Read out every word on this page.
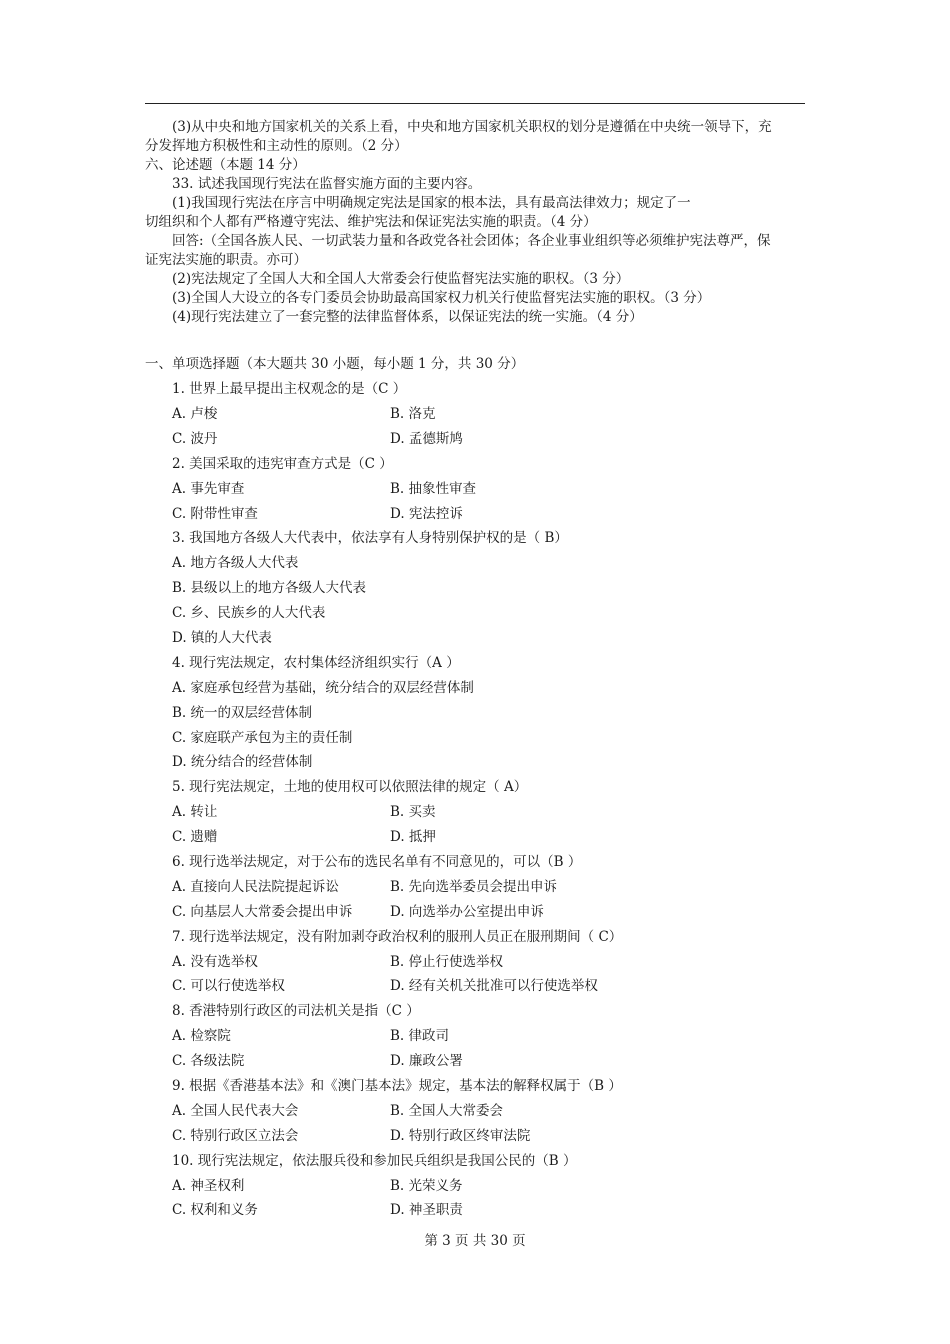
(3)从中央和地方国家机关的关系上看，中央和地方国家机关职权的划分是遵循在中央统一领导下，充
分发挥地方积极性和主动性的原则。（2 分）
六、论述题（本题 14 分）
33. 试述我国现行宪法在监督实施方面的主要内容。
(1)我国现行宪法在序言中明确规定宪法是国家的根本法，具有最高法律效力；规定了一
切组织和个人都有严格遵守宪法、维护宪法和保证宪法实施的职责。（4 分）
回答:（全国各族人民、一切武装力量和各政党各社会团体；各企业事业组织等必须维护宪法尊严，保
证宪法实施的职责。亦可）
(2)宪法规定了全国人大和全国人大常委会行使监督宪法实施的职权。（3 分）
(3)全国人大设立的各专门委员会协助最高国家权力机关行使监督宪法实施的职权。（3 分）
(4)现行宪法建立了一套完整的法律监督体系，以保证宪法的统一实施。（4 分）
一、单项选择题（本大题共 30 小题，每小题 1 分，共 30 分）
1. 世界上最早提出主权观念的是（C ）
A. 卢梭	B. 洛克
C. 波丹	D. 孟德斯鸠
2. 美国采取的违宪审查方式是（C ）
A. 事先审查	B. 抽象性审查
C. 附带性审查	D. 宪法控诉
3. 我国地方各级人大代表中，依法享有人身特别保护权的是（ B）
A. 地方各级人大代表
B. 县级以上的地方各级人大代表
C. 乡、民族乡的人大代表
D. 镇的人大代表
4. 现行宪法规定，农村集体经济组织实行（A ）
A. 家庭承包经营为基础，统分结合的双层经营体制
B. 统一的双层经营体制
C. 家庭联产承包为主的责任制
D. 统分结合的经营体制
5. 现行宪法规定，土地的使用权可以依照法律的规定（ A）
A. 转让	B. 买卖
C. 遗赠	D. 抵押
6. 现行选举法规定，对于公布的选民名单有不同意见的，可以（B ）
A. 直接向人民法院提起诉讼	B. 先向选举委员会提出申诉
C. 向基层人大常委会提出申诉	D. 向选举办公室提出申诉
7. 现行选举法规定，没有附加剥夺政治权利的服刑人员正在服刑期间（ C）
A. 没有选举权	B. 停止行使选举权
C. 可以行使选举权	D. 经有关机关批准可以行使选举权
8. 香港特别行政区的司法机关是指（C ）
A. 检察院	B. 律政司
C. 各级法院	D. 廉政公署
9. 根据《香港基本法》和《澳门基本法》规定，基本法的解释权属于（B ）
A. 全国人民代表大会	B. 全国人大常委会
C. 特别行政区立法会	D. 特别行政区终审法院
10. 现行宪法规定，依法服兵役和参加民兵组织是我国公民的（B ）
A. 神圣权利	B. 光荣义务
C. 权利和义务	D. 神圣职责
第 3 页 共 30 页
